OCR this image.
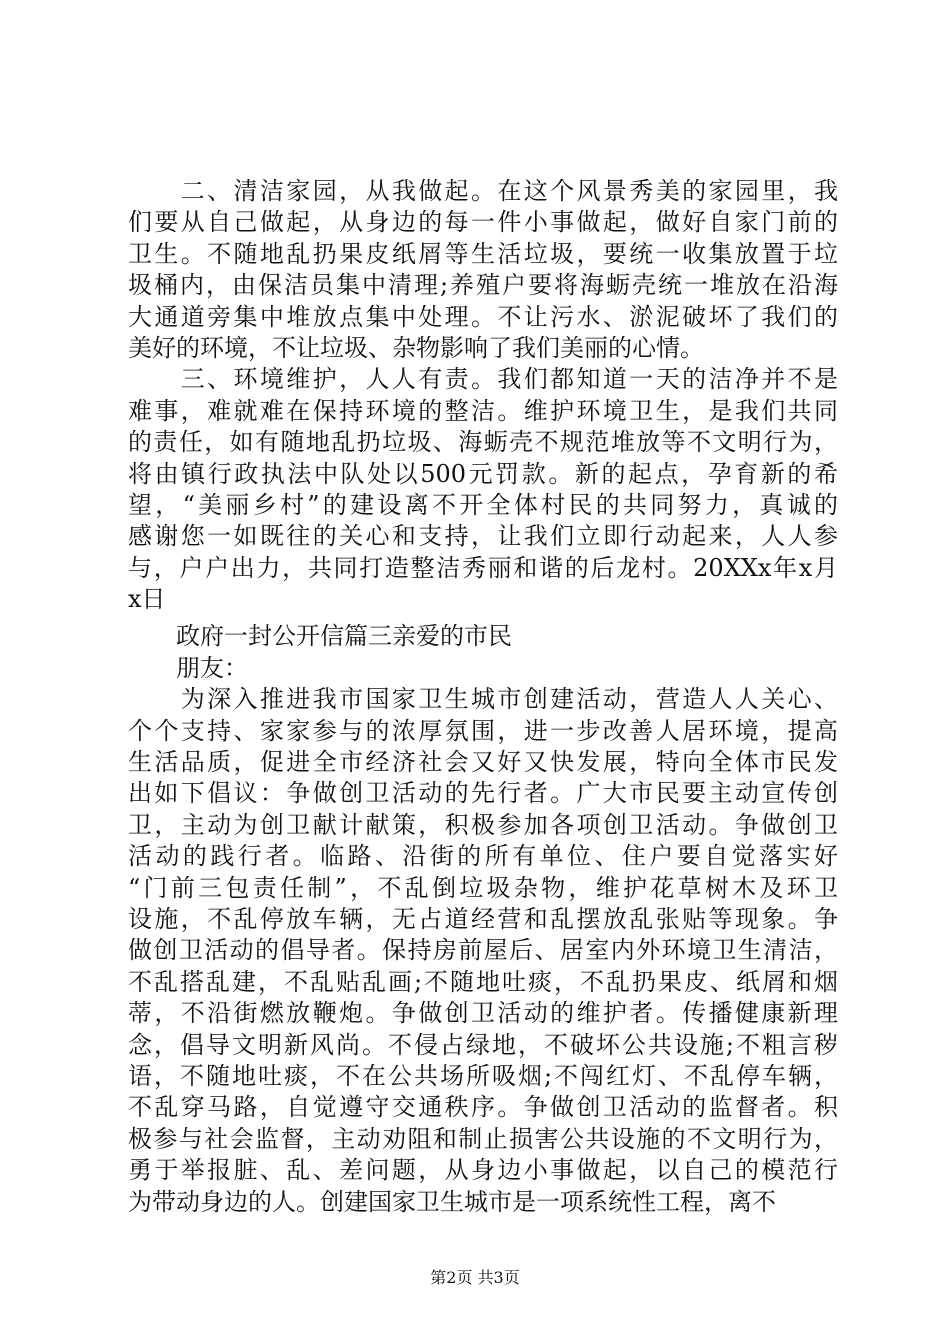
　　二、清洁家园，从我做起。在这个风景秀美的家园里，我
们要从自己做起，从身边的每一件小事做起，做好自家门前的
卫生。不随地乱扔果皮纸屑等生活垃圾，要统一收集放置于垃
圾桶内，由保洁员集中清理;养殖户要将海蛎壳统一堆放在沿海
大通道旁集中堆放点集中处理。不让污水、淤泥破坏了我们的
美好的环境，不让垃圾、杂物影响了我们美丽的心情。
　　三、环境维护，人人有责。我们都知道一天的洁净并不是
难事，难就难在保持环境的整洁。维护环境卫生，是我们共同
的责任，如有随地乱扔垃圾、海蛎壳不规范堆放等不文明行为，
将由镇行政执法中队处以500元罚款。新的起点，孕育新的希
望，“美丽乡村”的建设离不开全体村民的共同努力，真诚的
感谢您一如既往的关心和支持，让我们立即行动起来，人人参
与，户户出力，共同打造整洁秀丽和谐的后龙村。20XXx年x月
x日
　　政府一封公开信篇三亲爱的市民
　　朋友：
　　为深入推进我市国家卫生城市创建活动，营造人人关心、
个个支持、家家参与的浓厚氛围，进一步改善人居环境，提高
生活品质，促进全市经济社会又好又快发展，特向全体市民发
出如下倡议：争做创卫活动的先行者。广大市民要主动宣传创
卫，主动为创卫献计献策，积极参加各项创卫活动。争做创卫
活动的践行者。临路、沿街的所有单位、住户要自觉落实好
“门前三包责任制”，不乱倒垃圾杂物，维护花草树木及环卫
设施，不乱停放车辆，无占道经营和乱摆放乱张贴等现象。争
做创卫活动的倡导者。保持房前屋后、居室内外环境卫生清洁，
不乱搭乱建，不乱贴乱画;不随地吐痰，不乱扔果皮、纸屑和烟
蒂，不沿街燃放鞭炮。争做创卫活动的维护者。传播健康新理
念，倡导文明新风尚。不侵占绿地，不破坏公共设施;不粗言秽
语，不随地吐痰，不在公共场所吸烟;不闯红灯、不乱停车辆，
不乱穿马路，自觉遵守交通秩序。争做创卫活动的监督者。积
极参与社会监督，主动劝阻和制止损害公共设施的不文明行为，
勇于举报脏、乱、差问题，从身边小事做起，以自己的模范行
为带动身边的人。创建国家卫生城市是一项系统性工程，离不
第2页 共3页
